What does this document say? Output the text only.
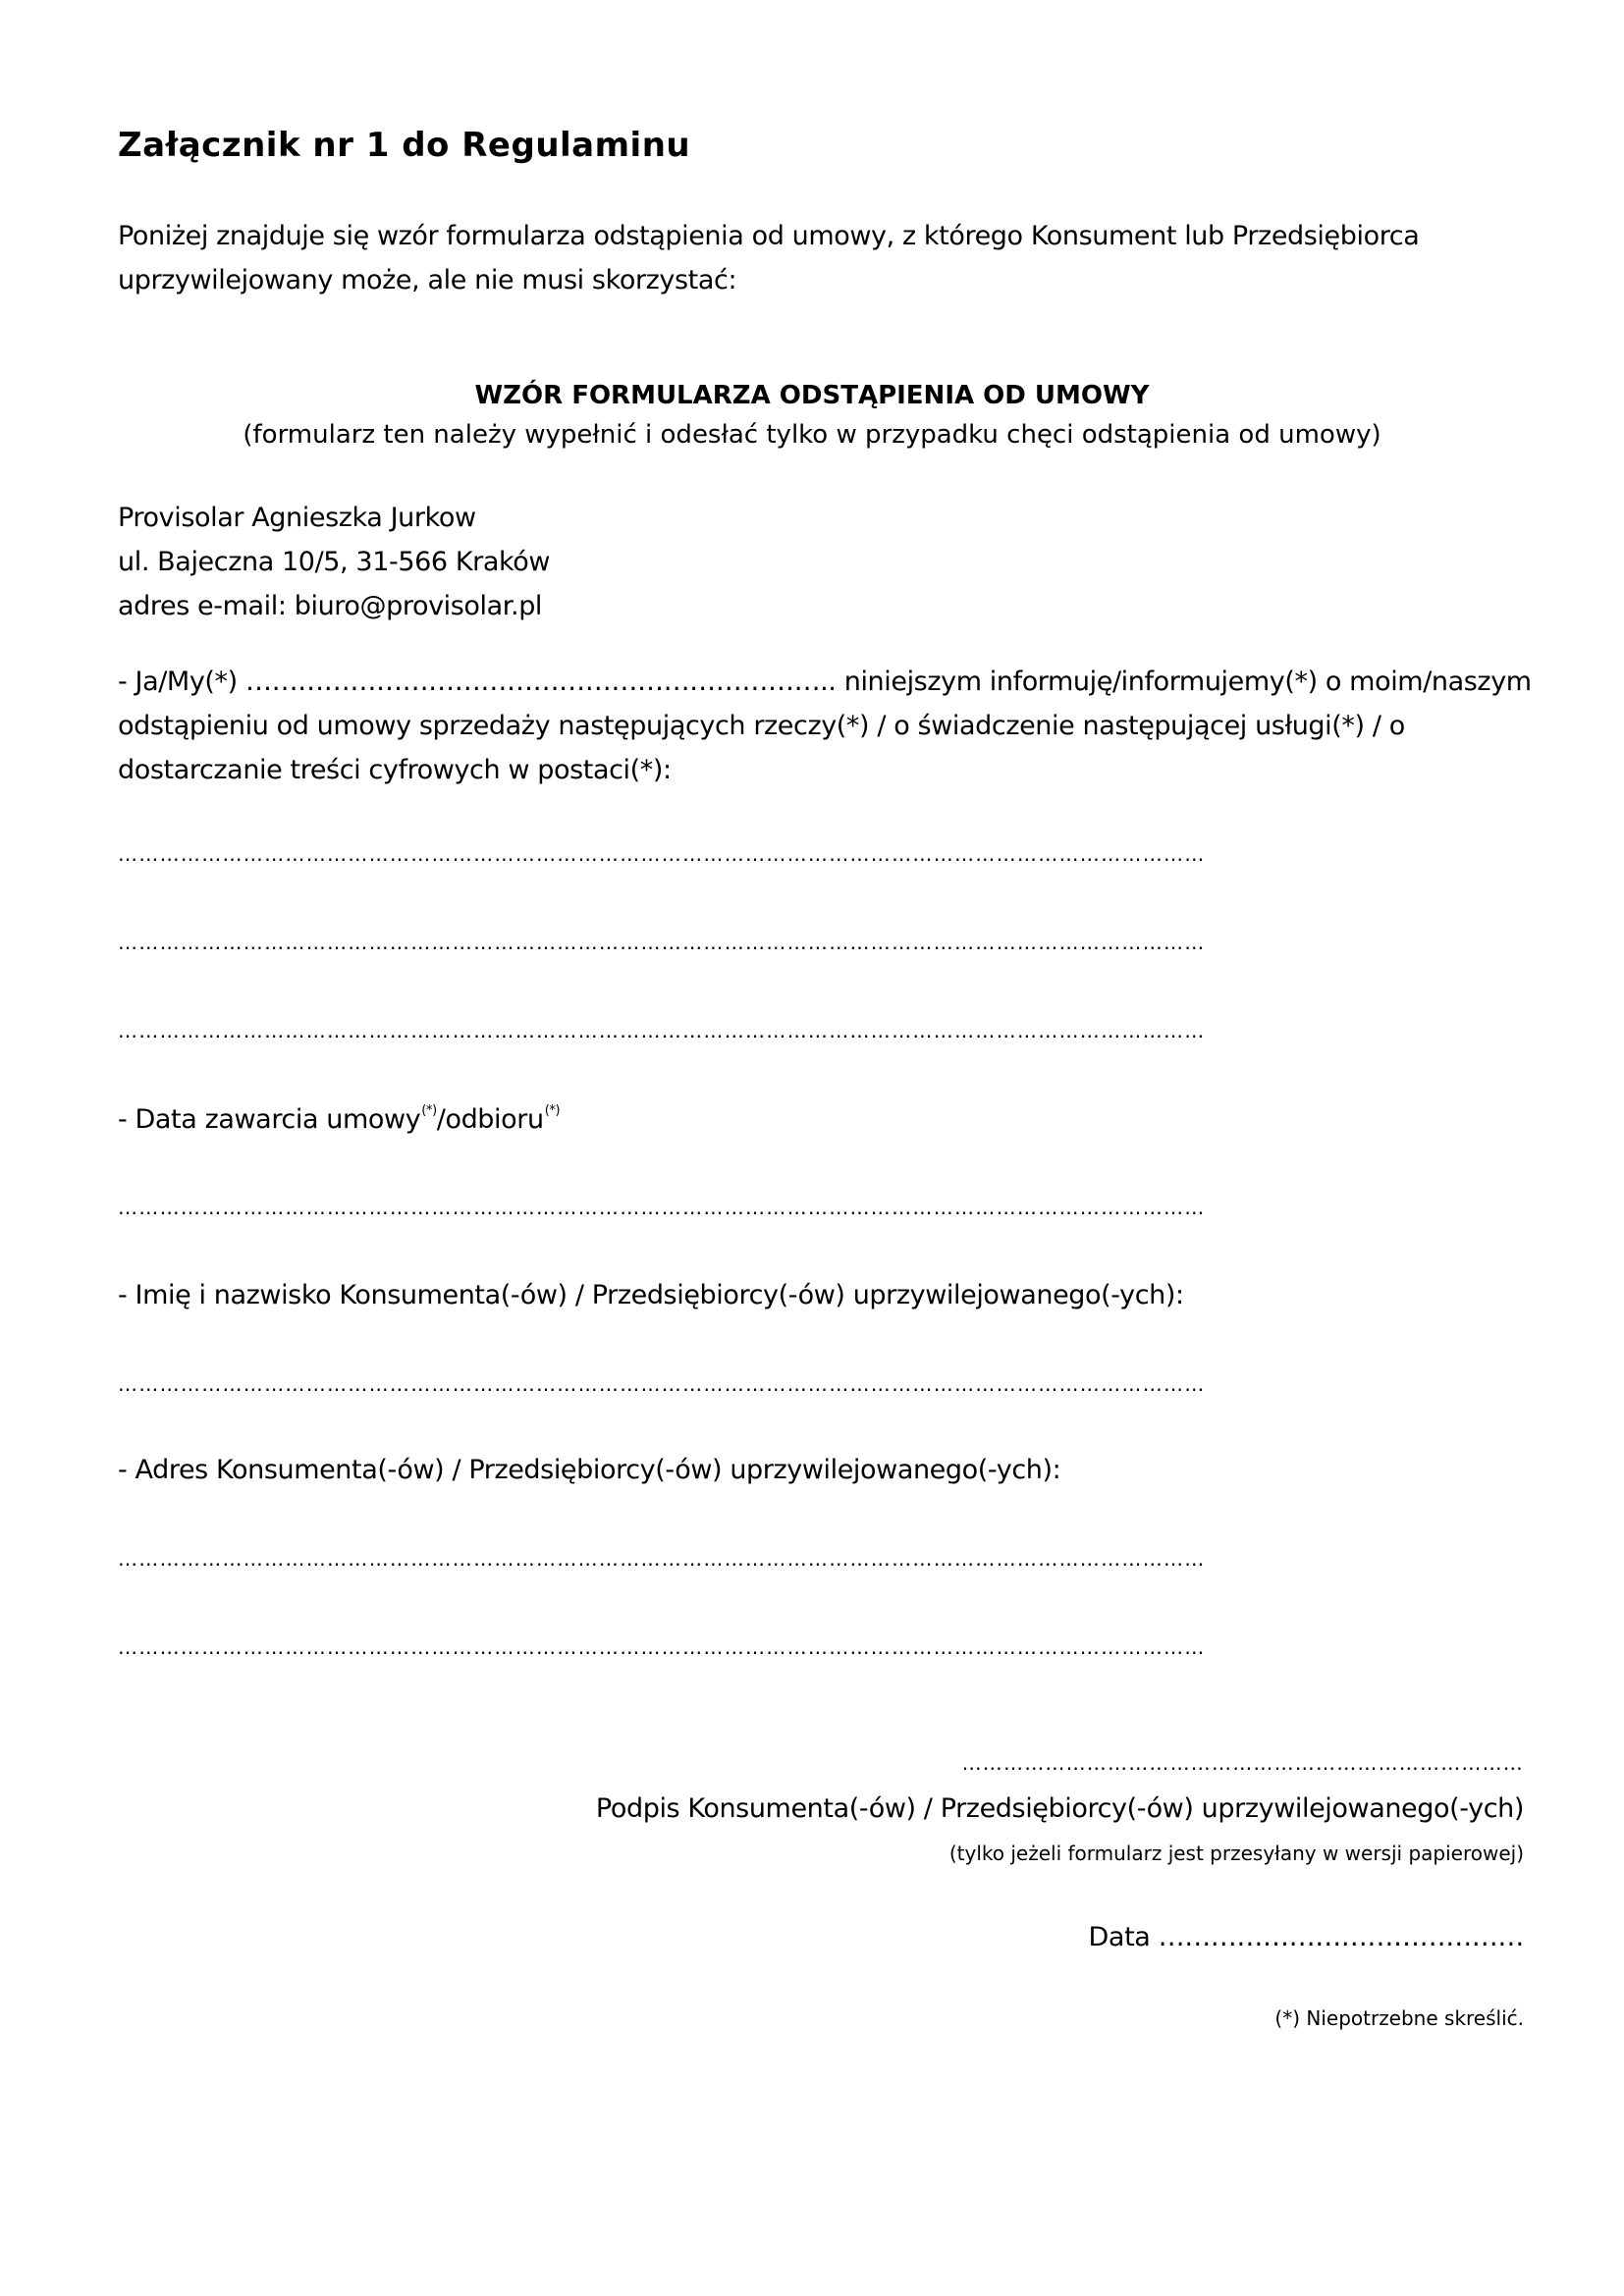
Załącznik nr 1 do Regulaminu
Poniżej znajduje się wzór formularza odstąpienia od umowy, z którego Konsument lub Przedsiębiorca uprzywilejowany może, ale nie musi skorzystać:
WZÓR FORMULARZA ODSTĄPIENIA OD UMOWY
(formularz ten należy wypełnić i odesłać tylko w przypadku chęci odstąpienia od umowy)
Provisolar Agnieszka Jurkow
ul. Bajeczna 10/5, 31-566 Kraków
adres e-mail: biuro@provisolar.pl
- Ja/My(*) ………………………………………………………….. niniejszym informuję/informujemy(*) o moim/naszym odstąpieniu od umowy sprzedaży następujących rzeczy(*) / o świadczenie następującej usługi(*) / o dostarczanie treści cyfrowych w postaci(*):
…………………………………………………………………………………………………………………………………………
…………………………………………………………………………………………………………………………………………
…………………………………………………………………………………………………………………………………………
- Data zawarcia umowy(*)/odbioru(*)
…………………………………………………………………………………………………………………………………………
- Imię i nazwisko Konsumenta(-ów) / Przedsiębiorcy(-ów) uprzywilejowanego(-ych):
…………………………………………………………………………………………………………………………………………
- Adres Konsumenta(-ów) / Przedsiębiorcy(-ów) uprzywilejowanego(-ych):
…………………………………………………………………………………………………………………………………………
…………………………………………………………………………………………………………………………………………
………………………………………………………………………
Podpis Konsumenta(-ów) / Przedsiębiorcy(-ów) uprzywilejowanego(-ych)
(tylko jeżeli formularz jest przesyłany w wersji papierowej)
Data ……………………………………
(*) Niepotrzebne skreślić.
